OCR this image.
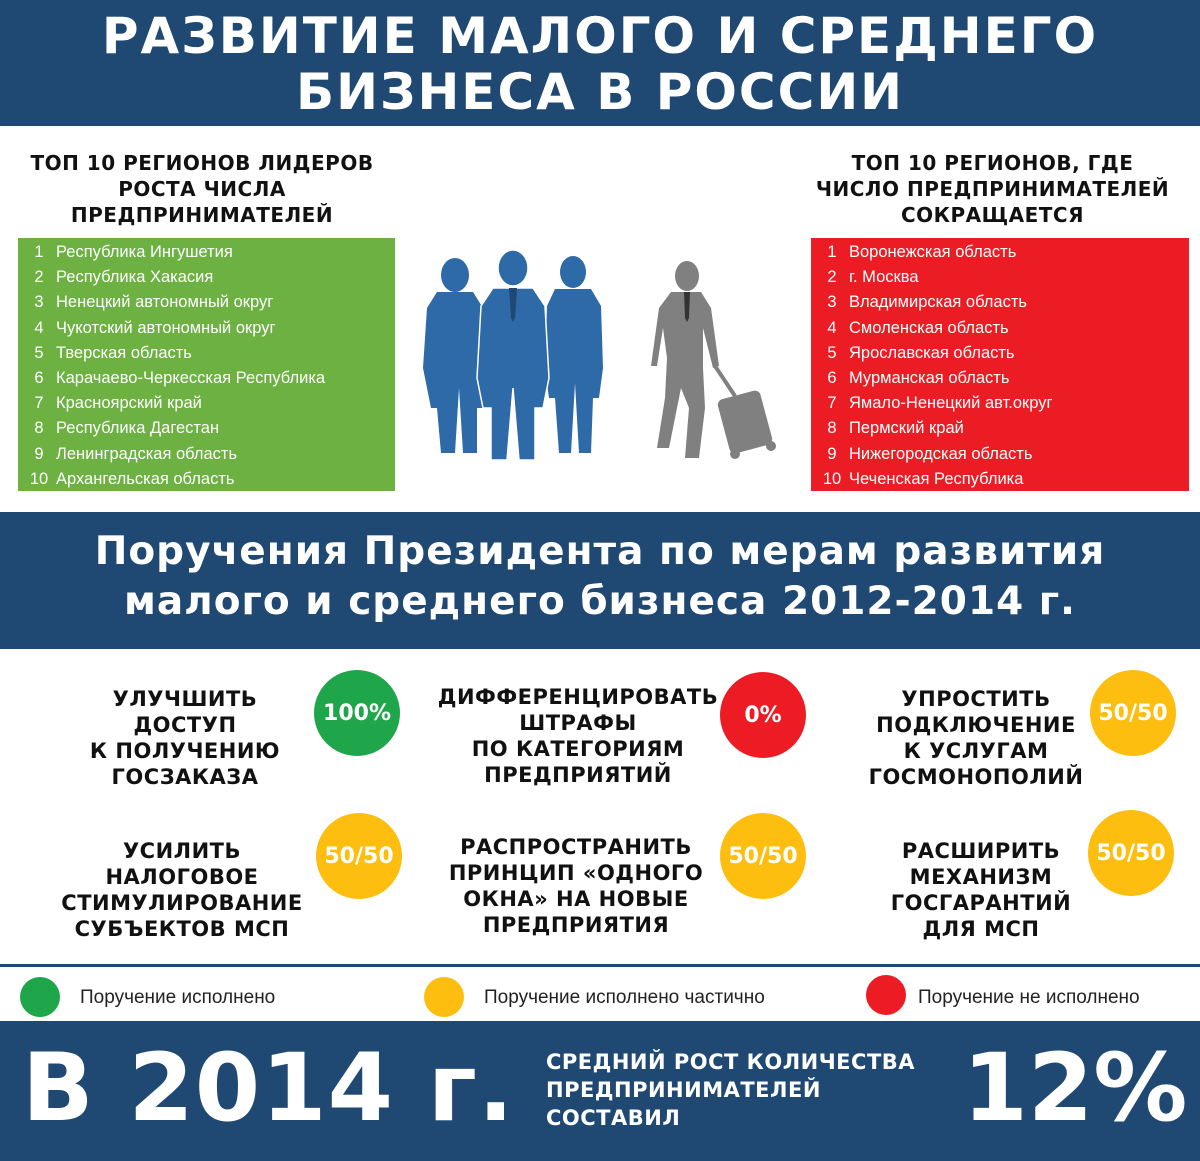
РАЗВИТИЕ МАЛОГО И СРЕДНЕГО
БИЗНЕСА В РОССИИ
ТОП 10 РЕГИОНОВ ЛИДЕРОВ
РОСТА ЧИСЛА
ПРЕДПРИНИМАТЕЛЕЙ
ТОП 10 РЕГИОНОВ, ГДЕ
ЧИСЛО ПРЕДПРИНИМАТЕЛЕЙ
СОКРАЩАЕТСЯ
1 Республика Ингушетия
2 Республика Хакасия
3 Ненецкий автономный округ
4 Чукотский автономный округ
5 Тверская область
6 Карачаево-Черкесская Республика
7 Красноярский край
8 Республика Дагестан
9 Ленинградская область
10 Архангельская область
1 Воронежская область
2 г. Москва
3 Владимирская область
4 Смоленская область
5 Ярославская область
6 Мурманская область
7 Ямало-Ненецкий авт.округ
8 Пермский край
9 Нижегородская область
10 Чеченская Республика
Поручения Президента по мерам развития
малого и среднего бизнеса 2012-2014 г.
УЛУЧШИТЬ
ДОСТУП
К ПОЛУЧЕНИЮ
ГОСЗАКАЗА
100%
ДИФФЕРЕНЦИРОВАТЬ
ШТРАФЫ
ПО КАТЕГОРИЯМ
ПРЕДПРИЯТИЙ
0%
УПРОСТИТЬ
ПОДКЛЮЧЕНИЕ
К УСЛУГАМ
ГОСМОНОПОЛИЙ
50/50
УСИЛИТЬ
НАЛОГОВОЕ
СТИМУЛИРОВАНИЕ
СУБЪЕКТОВ МСП
50/50	РАСПРОСТРАНИТЬ
ПРИНЦИП «ОДНОГО
ОКНА» НА НОВЫЕ
ПРЕДПРИЯТИЯ
50/50	РАСШИРИТЬ
МЕХАНИЗМ
ГОСГАРАНТИЙ
ДЛЯ МСП
50/50
Поручение исполнено	Поручение исполнено частично	Поручение не исполнено
В 2014 г. СРЕДНИЙ РОСТ КОЛИЧЕСТВА
ПРЕДПРИНИМАТЕЛЕЙ
СОСТАВИЛ	12%
